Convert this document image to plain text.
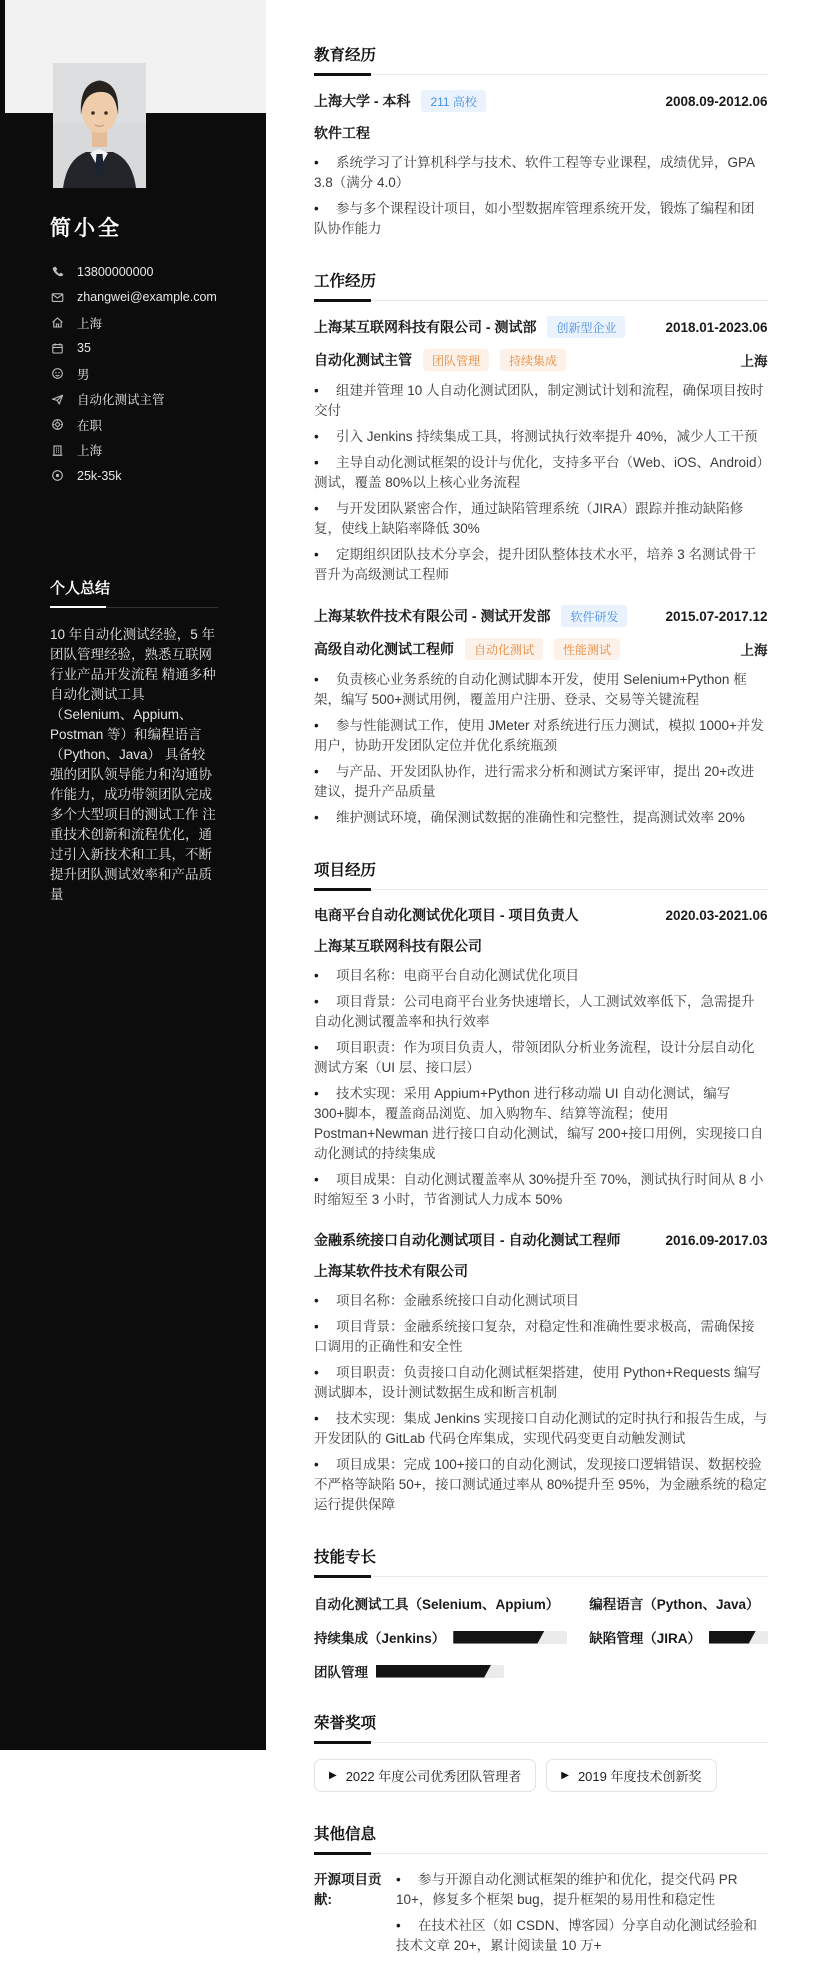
简小全
13800000000
zhangwei@example.com
上海
35
男
自动化测试主管
在职
上海
25k-35k
个人总结
10 年自动化测试经验，5 年团队管理经验，熟悉互联网行业产品开发流程 精通多种自动化测试工具（Selenium、Appium、Postman 等）和编程语言（Python、Java） 具备较强的团队领导能力和沟通协作能力，成功带领团队完成多个大型项目的测试工作 注重技术创新和流程优化，通过引入新技术和工具，不断提升团队测试效率和产品质量
教育经历
上海大学 - 本科	211 高校	2008.09-2012.06
软件工程
• 系统学习了计算机科学与技术、软件工程等专业课程，成绩优异，GPA 3.8（满分 4.0）
• 参与多个课程设计项目，如小型数据库管理系统开发，锻炼了编程和团队协作能力
工作经历
上海某互联网科技有限公司 - 测试部	创新型企业	2018.01-2023.06
自动化测试主管	团队管理	持续集成	上海
• 组建并管理 10 人自动化测试团队，制定测试计划和流程，确保项目按时交付
• 引入 Jenkins 持续集成工具，将测试执行效率提升 40%，减少人工干预
• 主导自动化测试框架的设计与优化，支持多平台（Web、iOS、Android）测试，覆盖 80%以上核心业务流程
• 与开发团队紧密合作，通过缺陷管理系统（JIRA）跟踪并推动缺陷修复，使线上缺陷率降低 30%
• 定期组织团队技术分享会，提升团队整体技术水平，培养 3 名测试骨干晋升为高级测试工程师
上海某软件技术有限公司 - 测试开发部	软件研发	2015.07-2017.12
高级自动化测试工程师	自动化测试	性能测试	上海
• 负责核心业务系统的自动化测试脚本开发，使用 Selenium+Python 框架，编写 500+测试用例，覆盖用户注册、登录、交易等关键流程
• 参与性能测试工作，使用 JMeter 对系统进行压力测试，模拟 1000+并发用户，协助开发团队定位并优化系统瓶颈
• 与产品、开发团队协作，进行需求分析和测试方案评审，提出 20+改进建议，提升产品质量
• 维护测试环境，确保测试数据的准确性和完整性，提高测试效率 20%
项目经历
电商平台自动化测试优化项目 - 项目负责人	2020.03-2021.06
上海某互联网科技有限公司
• 项目名称：电商平台自动化测试优化项目
• 项目背景：公司电商平台业务快速增长，人工测试效率低下，急需提升自动化测试覆盖率和执行效率
• 项目职责：作为项目负责人，带领团队分析业务流程，设计分层自动化测试方案（UI 层、接口层）
• 技术实现：采用 Appium+Python 进行移动端 UI 自动化测试，编写 300+脚本，覆盖商品浏览、加入购物车、结算等流程；使用 Postman+Newman 进行接口自动化测试，编写 200+接口用例，实现接口自动化测试的持续集成
• 项目成果：自动化测试覆盖率从 30%提升至 70%，测试执行时间从 8 小时缩短至 3 小时，节省测试人力成本 50%
金融系统接口自动化测试项目 - 自动化测试工程师	2016.09-2017.03
上海某软件技术有限公司
• 项目名称：金融系统接口自动化测试项目
• 项目背景：金融系统接口复杂，对稳定性和准确性要求极高，需确保接口调用的正确性和安全性
• 项目职责：负责接口自动化测试框架搭建，使用 Python+Requests 编写测试脚本，设计测试数据生成和断言机制
• 技术实现：集成 Jenkins 实现接口自动化测试的定时执行和报告生成，与开发团队的 GitLab 代码仓库集成，实现代码变更自动触发测试
• 项目成果：完成 100+接口的自动化测试，发现接口逻辑错误、数据校验不严格等缺陷 50+，接口测试通过率从 80%提升至 95%，为金融系统的稳定运行提供保障
技能专长
自动化测试工具（Selenium、Appium） 编程语言（Python、Java）
持续集成（Jenkins）	缺陷管理（JIRA）
团队管理
荣誉奖项
▶ 2022 年度公司优秀团队管理者	▶ 2019 年度技术创新奖
其他信息
开源项目贡献:
• 参与开源自动化测试框架的维护和优化，提交代码 PR 10+，修复多个框架 bug，提升框架的易用性和稳定性
• 在技术社区（如 CSDN、博客园）分享自动化测试经验和技术文章 20+，累计阅读量 10 万+
